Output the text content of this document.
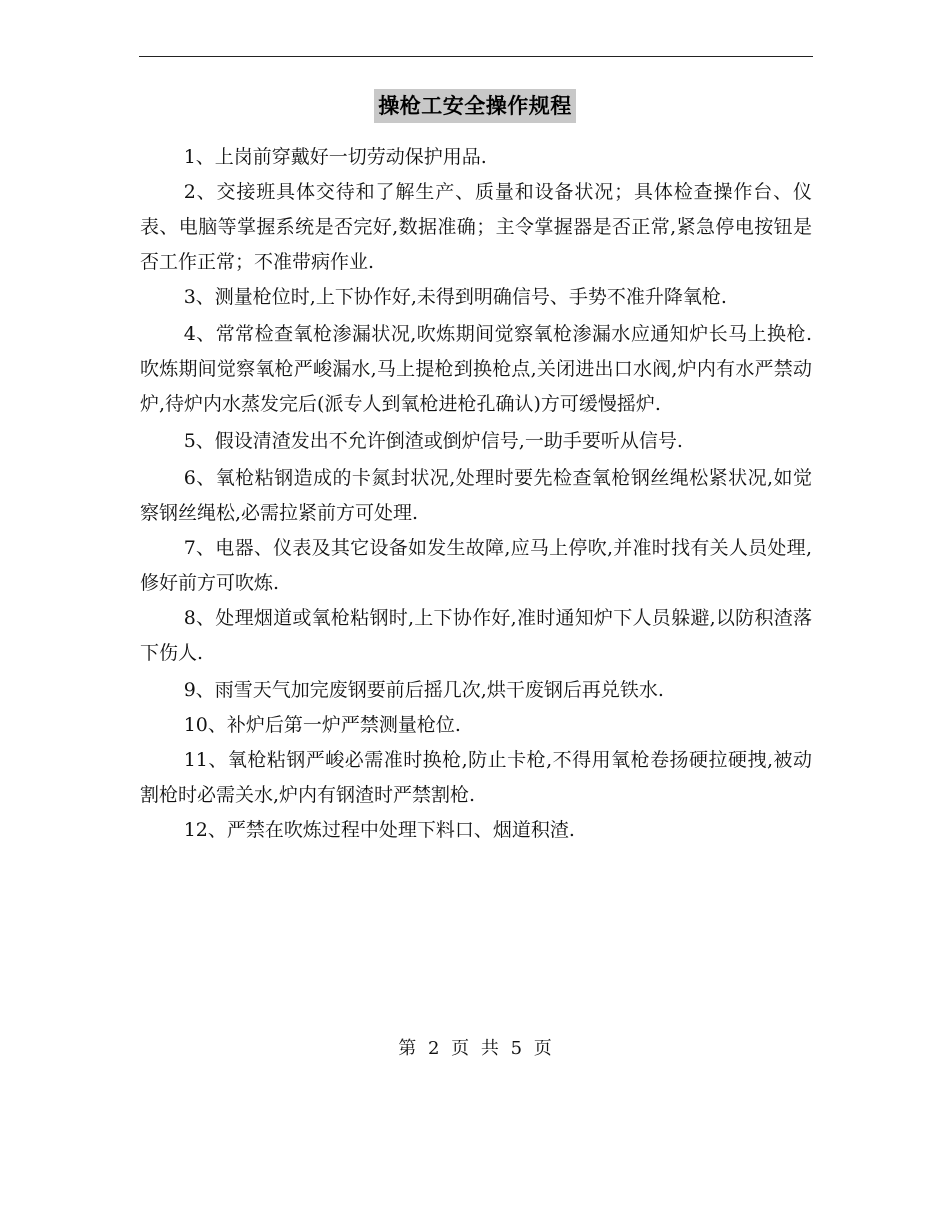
操枪工安全操作规程

1、上岗前穿戴好一切劳动保护用品.

2、交接班具体交待和了解生产、质量和设备状况；具体检查操作台、仪表、电脑等掌握系统是否完好,数据准确；主令掌握器是否正常,紧急停电按钮是否工作正常；不准带病作业.

3、测量枪位时,上下协作好,未得到明确信号、手势不准升降氧枪.

4、常常检查氧枪渗漏状况,吹炼期间觉察氧枪渗漏水应通知炉长马上换枪.吹炼期间觉察氧枪严峻漏水,马上提枪到换枪点,关闭进出口水阀,炉内有水严禁动炉,待炉内水蒸发完后(派专人到氧枪进枪孔确认)方可缓慢摇炉.

5、假设清渣发出不允许倒渣或倒炉信号,一助手要听从信号.

6、氧枪粘钢造成的卡氮封状况,处理时要先检查氧枪钢丝绳松紧状况,如觉察钢丝绳松,必需拉紧前方可处理.

7、电器、仪表及其它设备如发生故障,应马上停吹,并准时找有关人员处理,修好前方可吹炼.

8、处理烟道或氧枪粘钢时,上下协作好,准时通知炉下人员躲避,以防积渣落下伤人.

9、雨雪天气加完废钢要前后摇几次,烘干废钢后再兑铁水.

10、补炉后第一炉严禁测量枪位.

11、氧枪粘钢严峻必需准时换枪,防止卡枪,不得用氧枪卷扬硬拉硬拽,被动割枪时必需关水,炉内有钢渣时严禁割枪.

12、严禁在吹炼过程中处理下料口、烟道积渣.

第 2 页 共 5 页
